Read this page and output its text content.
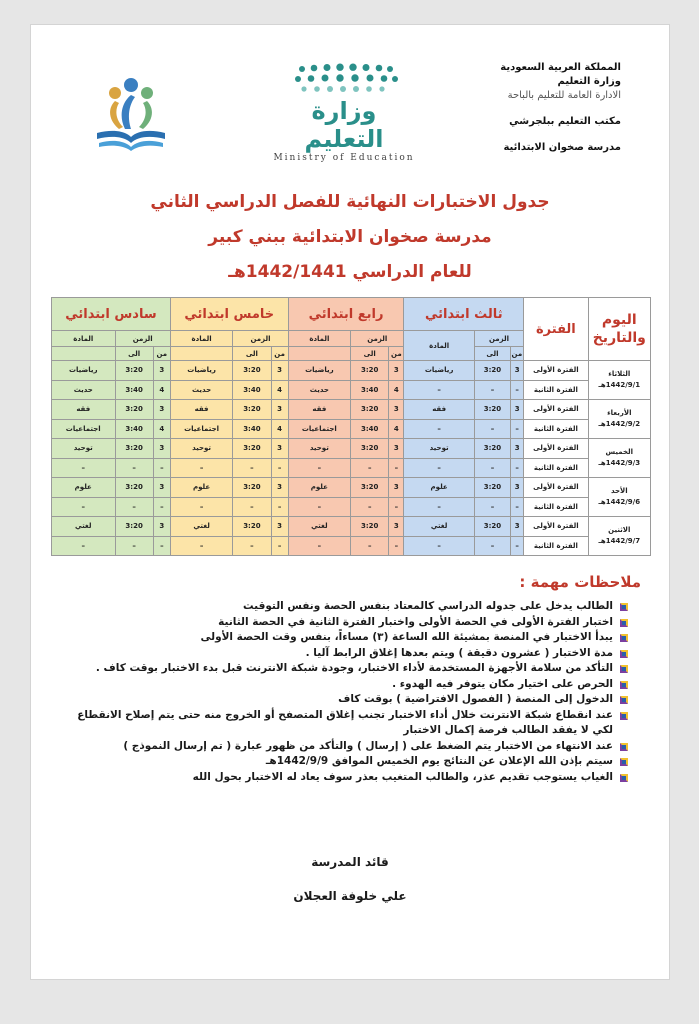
المملكة العربية السعودية
وزارة التعليم
الادارة العامة للتعليم بالباحة
مكتب التعليم ببلجرشي
مدرسة صخوان الابتدائية
وزارة التعليم
Ministry of Education
جدول الاختبارات النهائية للفصل الدراسي الثاني
مدرسة صخوان الابتدائية ببني كبير
للعام الدراسي 1442/1441هـ
اليوم والتاريخ	الفترة	ثالث ابتدائي			رابع ابتدائي			خامس ابتدائي			سادس ابتدائي		
		الزمن		المادة	الزمن		المادة	الزمن		المادة	الزمن		المادة
		من	الى		من	الى		من	الى		من	الى	

الثلاثاء
1442/9/1هـ	الفترة الأولى	3	3:20	رياضيات	3	3:20	رياضيات	3	3:20	رياضيات	3	3:20	رياضيات
	الفترة الثانية	–	–	–	4	3:40	حديث	4	3:40	حديث	4	3:40	حديث

الأربعاء
1442/9/2هـ	الفترة الأولى	3	3:20	فقه	3	3:20	فقه	3	3:20	فقه	3	3:20	فقه
	الفترة الثانية	–	–	–	4	3:40	اجتماعيات	4	3:40	اجتماعيات	4	3:40	اجتماعيات

الخميس
1442/9/3هـ	الفترة الأولى	3	3:20	توحيد	3	3:20	توحيد	3	3:20	توحيد	3	3:20	توحيد
	الفترة الثانية	–	–	–	–	–	–	–	–	–	–	–	–

الأحد
1442/9/6هـ	الفترة الأولى	3	3:20	علوم	3	3:20	علوم	3	3:20	علوم	3	3:20	علوم
	الفترة الثانية	–	–	–	–	–	–	–	–	–	–	–	–

الاثنين
1442/9/7هـ	الفترة الأولى	3	3:20	لغتي	3	3:20	لغتي	3	3:20	لغتي	3	3:20	لغتي
	الفترة الثانية	–	–	–	–	–	–	–	–	–	–	–	–
ملاحظات مهمة :
الطالب يدخل على جدوله الدراسي كالمعتاد بنفس الحصة ونفس التوقيت
اختبار الفترة الأولى في الحصة الأولى واختبار الفترة الثانية في الحصة الثانية
يبدأ الاختبار في المنصة بمشيئة الله الساعة (٣) مساءاً، بنفس وقت الحصة الأولى
مدة الاختبار ( عشرون دقيقة ) ويتم بعدها إغلاق الرابط آليا .
التأكد من سلامة الأجهزة المستخدمة لأداء الاختبار، وجودة شبكة الانترنت قبل بدء الاختبار بوقت كاف .
الحرص على اختيار مكان يتوفر فيه الهدوء .
الدخول إلى المنصة ( الفصول الافتراضية ) بوقت كاف
عند انقطاع شبكة الانترنت خلال أداء الاختبار تجنب إغلاق المتصفح أو الخروج منه حتى يتم إصلاح الانقطاع لكي لا يفقد الطالب فرصة إكمال الاختبار
عند الانتهاء من الاختبار يتم الضغط على ( إرسال ) والتأكد من ظهور عبارة ( تم إرسال النموذج )
سيتم بإذن الله الإعلان عن النتائج يوم الخميس الموافق 1442/9/9هـ
الغياب يستوجب تقديم عذر، والطالب المتغيب بعذر سوف يعاد له الاختبار بحول الله
قائد المدرسة
علي خلوفة العجلان
